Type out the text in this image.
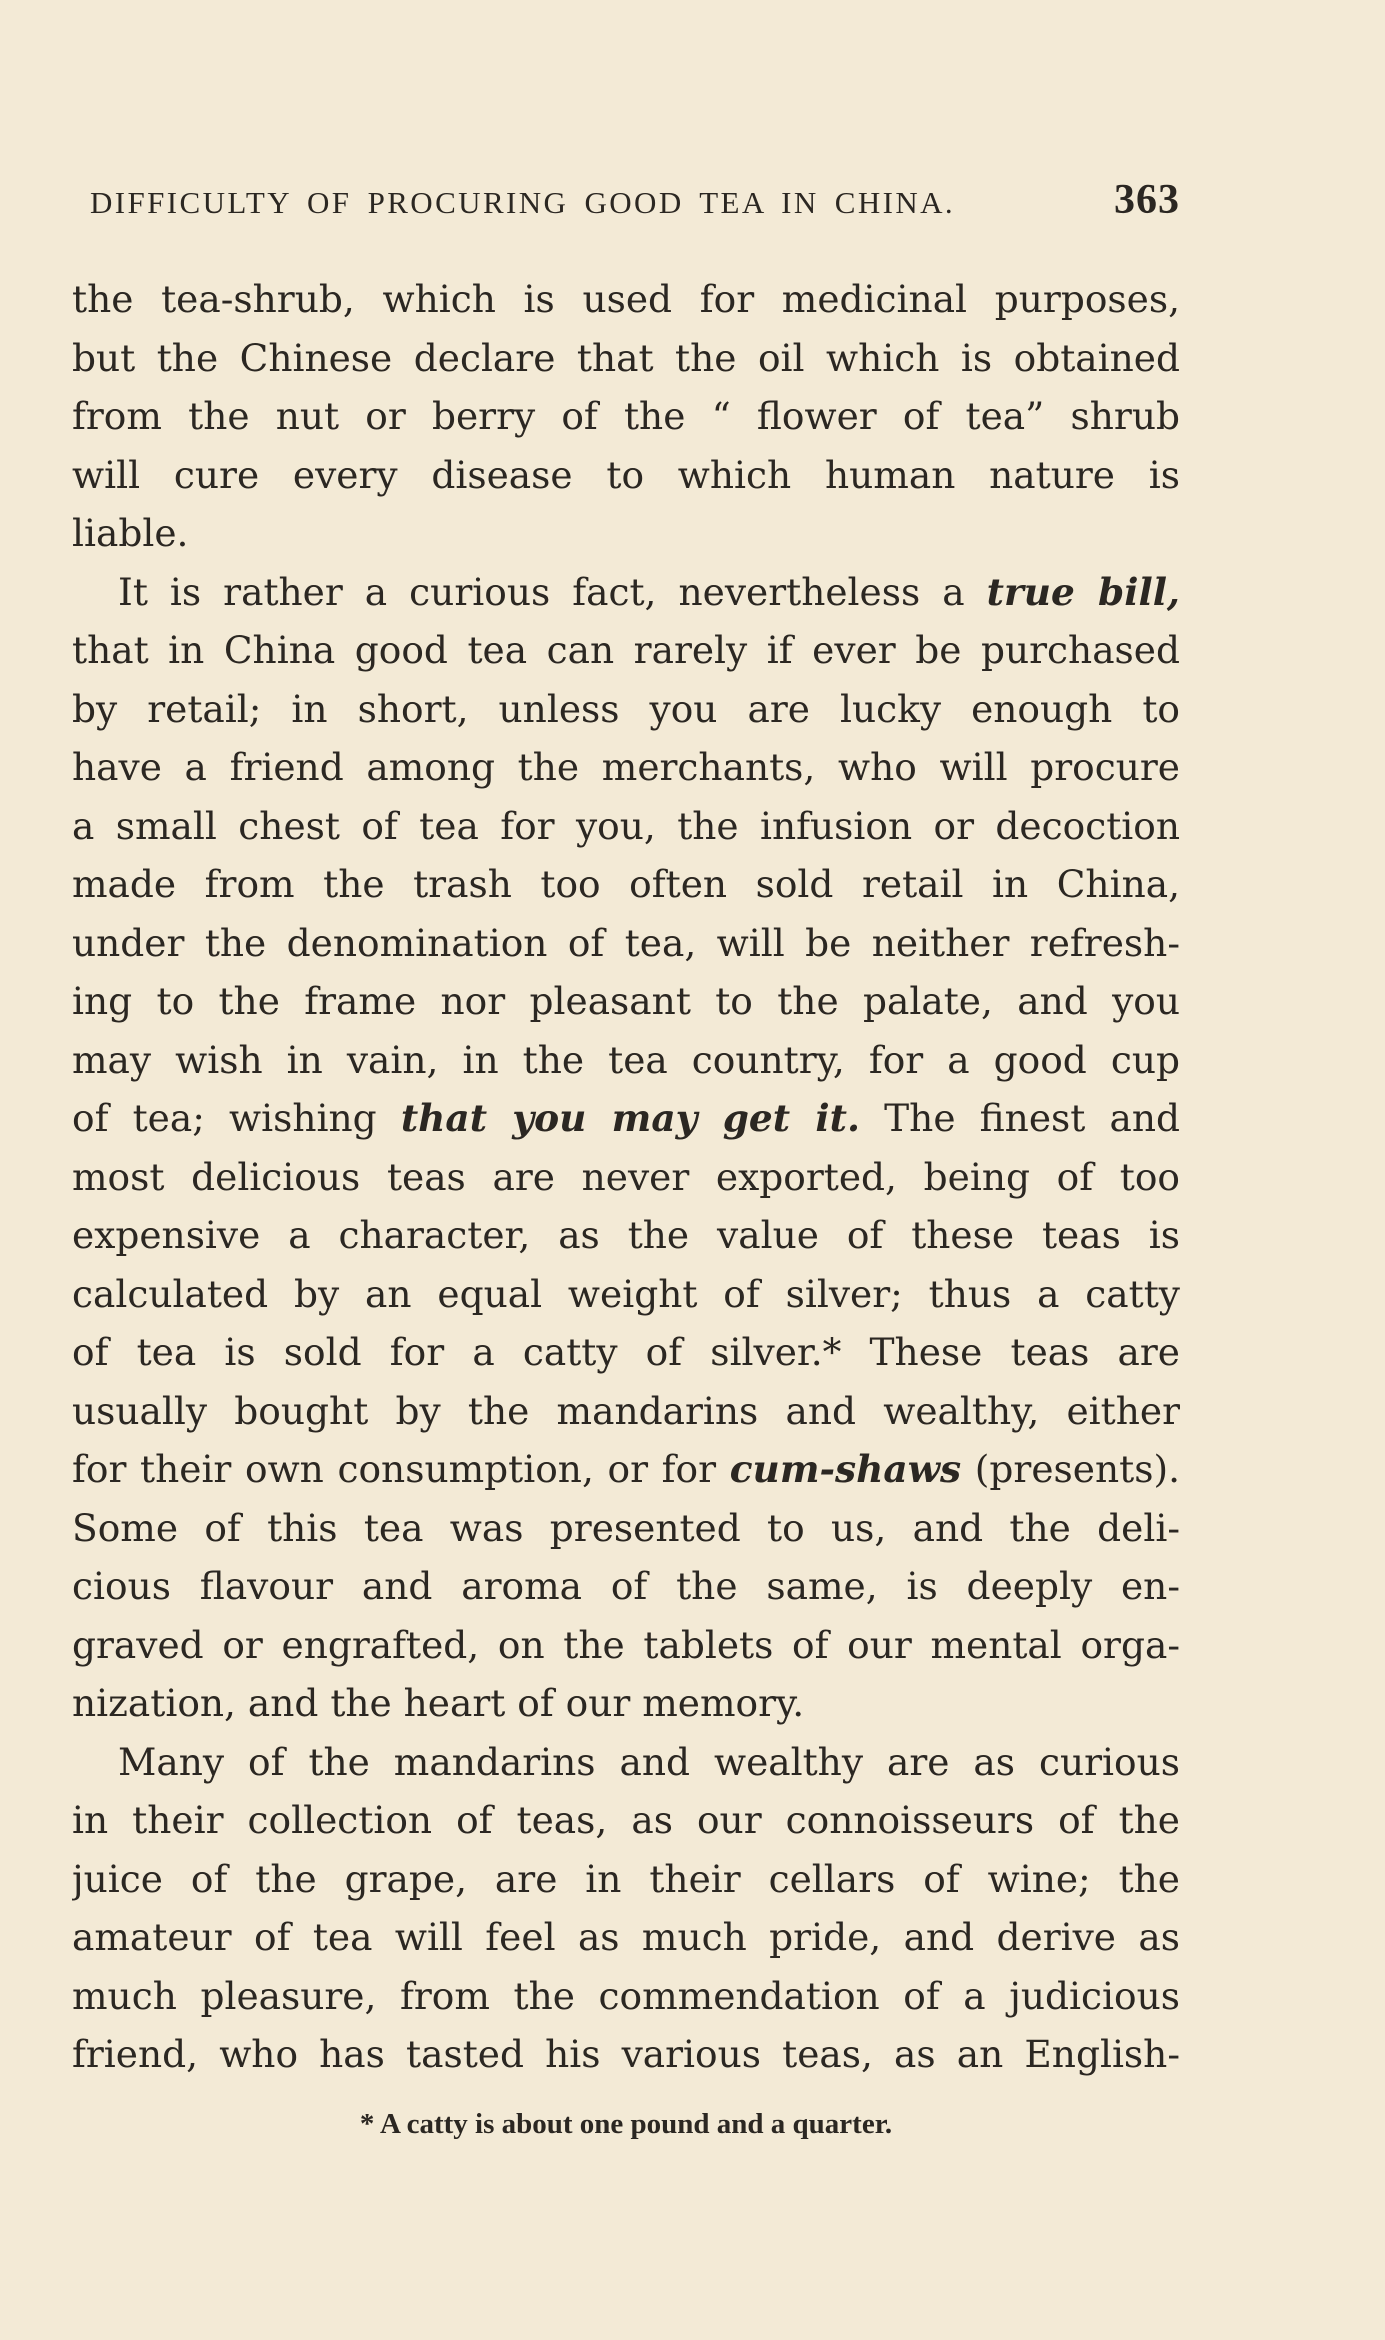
DIFFICULTY OF PROCURING GOOD TEA IN CHINA.	363
the tea-shrub, which is used for medicinal purposes,
but the Chinese declare that the oil which is obtained
from the nut or berry of the “ flower of tea” shrub
will cure every disease to which human nature is
liable.
It is rather a curious fact, nevertheless a true bill,
that in China good tea can rarely if ever be purchased
by retail; in short, unless you are lucky enough to
have a friend among the merchants, who will procure
a small chest of tea for you, the infusion or decoction
made from the trash too often sold retail in China,
under the denomination of tea, will be neither refresh-
ing to the frame nor pleasant to the palate, and you
may wish in vain, in the tea country, for a good cup
of tea; wishing that you may get it. The finest and
most delicious teas are never exported, being of too
expensive a character, as the value of these teas is
calculated by an equal weight of silver; thus a catty
of tea is sold for a catty of silver.* These teas are
usually bought by the mandarins and wealthy, either
for their own consumption, or for cum-shaws (presents).
Some of this tea was presented to us, and the deli-
cious flavour and aroma of the same, is deeply en-
graved or engrafted, on the tablets of our mental orga-
nization, and the heart of our memory.
Many of the mandarins and wealthy are as curious
in their collection of teas, as our connoisseurs of the
juice of the grape, are in their cellars of wine; the
amateur of tea will feel as much pride, and derive as
much pleasure, from the commendation of a judicious
friend, who has tasted his various teas, as an English-
* A catty is about one pound and a quarter.
